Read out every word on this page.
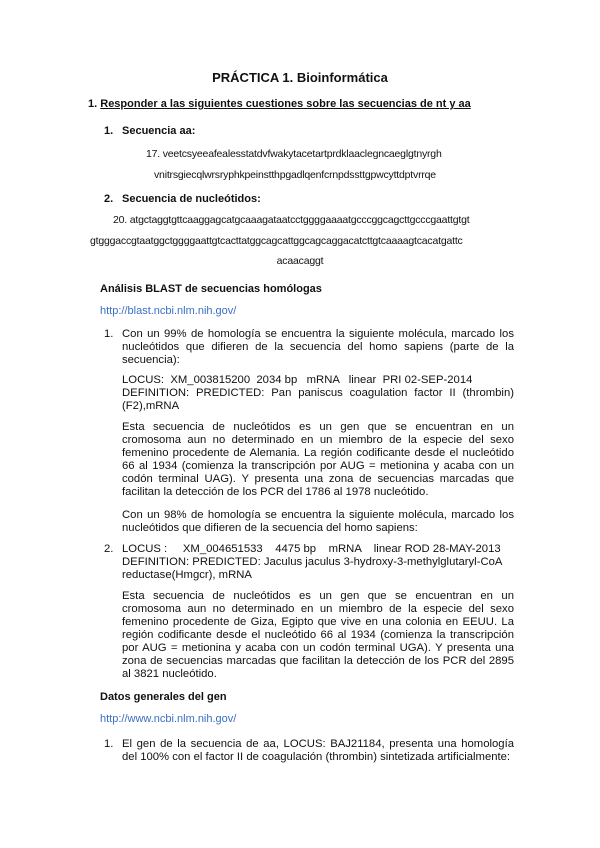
PRÁCTICA 1. Bioinformática
1. Responder a las siguientes cuestiones sobre las secuencias de nt y aa
1. Secuencia aa:
17. veetcsyeeafealesstatdvfwakytacetartprdklaaclegncaeglgtnyrgh
vnitrsgiecqlwrsryphkpeinstthpgadlqenfcrnpdssttgpwcyttdptvrrqe
2. Secuencia de nucleótidos:
20. atgctaggtgttcaaggagcatgcaaagataatcctggggaaaatgcccggcagcttgcccgaattgtgt
gtgggaccgtaatggctggggaattgtcacttatggcagcattggcagcaggacatcttgtcaaaagtcacatgattc
acaacaggt
Análisis BLAST de secuencias homólogas
http://blast.ncbi.nlm.nih.gov/
1. Con un 99% de homología se encuentra la siguiente molécula, marcado los nucleótidos que difieren de la secuencia del homo sapiens (parte de la secuencia):
LOCUS:  XM_003815200  2034 bp   mRNA   linear  PRI 02-SEP-2014
DEFINITION: PREDICTED: Pan paniscus coagulation factor II (thrombin) (F2),mRNA
Esta secuencia de nucleótidos es un gen que se encuentran en un cromosoma aun no determinado en un miembro de la especie del sexo femenino procedente de Alemania. La región codificante desde el nucleótido 66 al 1934 (comienza la transcripción por AUG = metionina y acaba con un codón terminal UAG). Y presenta una zona de secuencias marcadas que facilitan la detección de los PCR del 1786 al 1978 nucleótido.
Con un 98% de homología se encuentra la siguiente molécula, marcado los nucleótidos que difieren de la secuencia del homo sapiens:
2. LOCUS :     XM_004651533    4475 bp    mRNA    linear ROD 28-MAY-2013
DEFINITION: PREDICTED: Jaculus jaculus 3-hydroxy-3-methylglutaryl-CoA reductase(Hmgcr), mRNA
Esta secuencia de nucleótidos es un gen que se encuentran en un cromosoma aun no determinado en un miembro de la especie del sexo femenino procedente de Giza, Egipto que vive en una colonia en EEUU. La región codificante desde el nucleótido 66 al 1934 (comienza la transcripción por AUG = metionina y acaba con un codón terminal UGA). Y presenta una zona de secuencias marcadas que facilitan la detección de los PCR del 2895 al 3821 nucleótido.
Datos generales del gen
http://www.ncbi.nlm.nih.gov/
1. El gen de la secuencia de aa, LOCUS: BAJ21184, presenta una homología del 100% con el factor II de coagulación (thrombin) sintetizada artificialmente:
